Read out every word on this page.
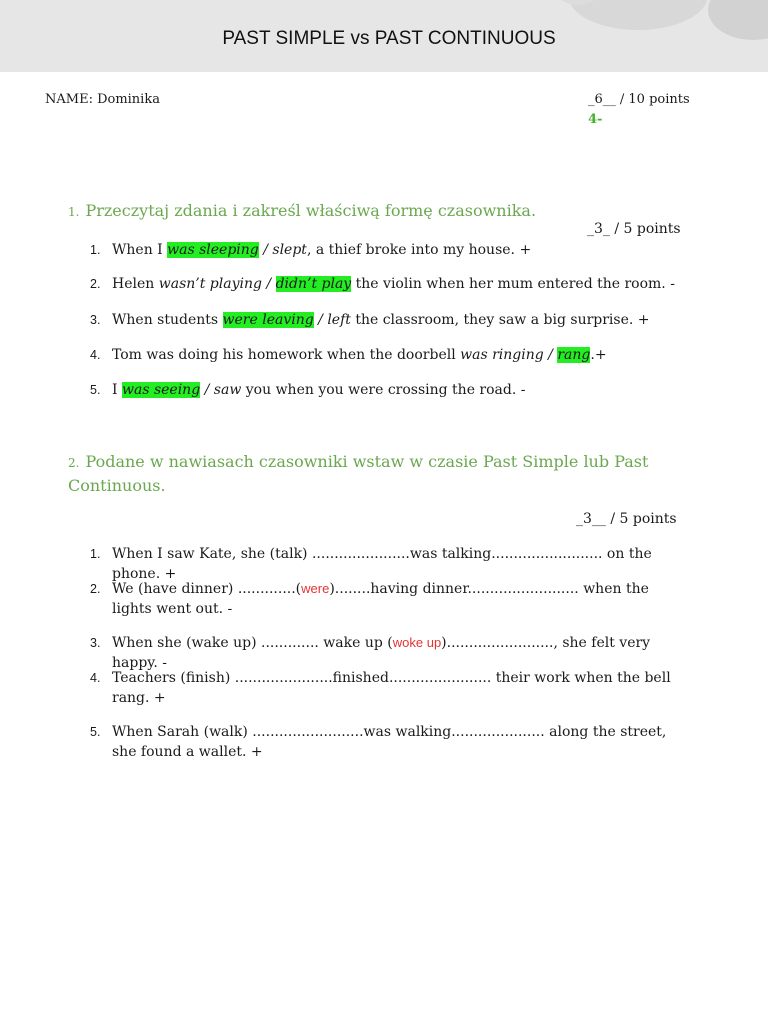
PAST SIMPLE vs PAST CONTINUOUS
NAME: Dominika	_6__ / 10 points
4-
1. Przeczytaj zdania i zakreśl właściwą formę czasownika.
_3_ / 5 points
1. When I was sleeping / slept, a thief broke into my house. +
2. Helen wasn’t playing / didn’t play the violin when her mum entered the room. -
3. When students were leaving / left the classroom, they saw a big surprise. +
4. Tom was doing his homework when the doorbell was ringing / rang.+
5. I was seeing / saw you when you were crossing the road. -
2. Podane w nawiasach czasowniki wstaw w czasie Past Simple lub Past
Continuous.
_3__ / 5 points
1. When I saw Kate, she (talk) ......................was talking......................... on the phone. +
2. We (have dinner) .............(were)........having dinner......................... when the lights went out. -
3. When she (wake up) ............. wake up (woke up)........................, she felt very happy. -
4. Teachers (finish) ......................finished....................... their work when the bell rang. +
5. When Sarah (walk) .........................was walking..................... along the street, she found a wallet. +
